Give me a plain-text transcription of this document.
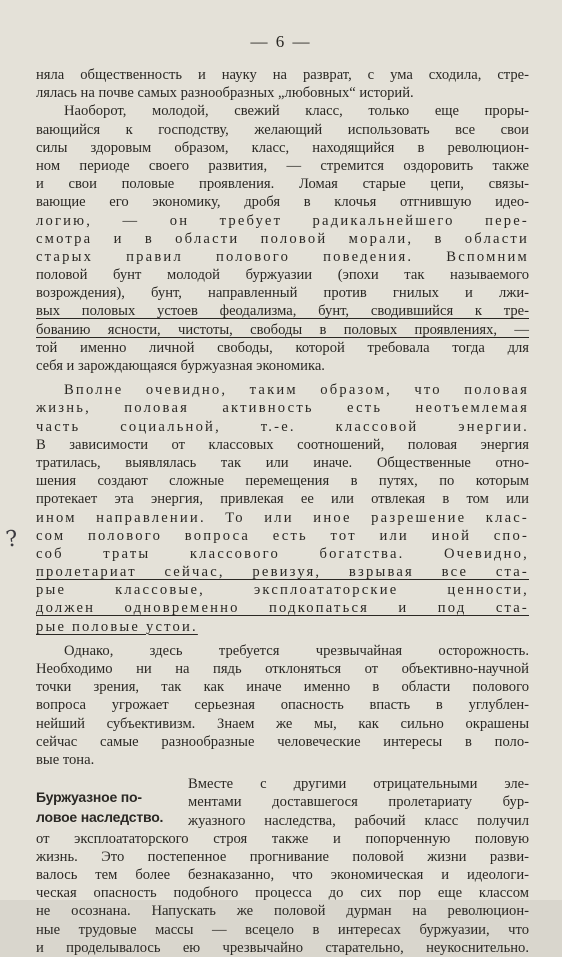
— 6 —
?
няла общественность и науку на разврат, с ума сходила, стре-
лялась на почве самых разнообразных „любовных“ историй.
Наоборот, молодой, свежий класс, только еще проры-
вающийся к господству, желающий использовать все свои
силы здоровым образом, класс, находящийся в революцион-
ном периоде своего развития, — стремится оздоровить также
и свои половые проявления. Ломая старые цепи, связы-
вающие его экономику, дробя в клочья отгнившую идео-
логию, — он требует радикальнейшего пере-
смотра и в области половой морали, в области
старых правил полового поведения. Вспомним
половой бунт молодой буржуазии (эпохи так называемого
возрождения), бунт, направленный против гнилых и лжи-
вых половых устоев феодализма, бунт, сводившийся к тре-
бованию ясности, чистоты, свободы в половых проявлениях, —
той именно личной свободы, которой требовала тогда для
себя и зарождающаяся буржуазная экономика.
Вполне очевидно, таким образом, что половая
жизнь, половая активность есть неотъемлемая
часть социальной, т.-е. классовой энергии.
В зависимости от классовых соотношений, половая энергия
тратилась, выявлялась так или иначе. Общественные отно-
шения создают сложные перемещения в путях, по которым
протекает эта энергия, привлекая ее или отвлекая в том или
ином направлении. То или иное разрешение клас-
сом полового вопроса есть тот или иной спо-
соб траты классового богатства. Очевидно,
пролетариат сейчас, ревизуя, взрывая все ста-
рые классовые, эксплоататорские ценности,
должен одновременно подкопаться и под ста-
рые половые устои.
Однако, здесь требуется чрезвычайная осторожность.
Необходимо ни на пядь отклоняться от объективно-научной
точки зрения, так как иначе именно в области полового
вопроса угрожает серьезная опасность впасть в углублен-
нейший субъективизм. Знаем же мы, как сильно окрашены
сейчас самые разнообразные человеческие интересы в поло-
вые тона.
Буржуазное по-
ловое наследство.
Вместе с другими отрицательными эле-
ментами доставшегося пролетариату бур-
жуазного наследства, рабочий класс получил
от эксплоататорского строя также и попорченную половую
жизнь. Это постепенное прогнивание половой жизни разви-
валось тем более безнаказанно, что экономическая и идеологи-
ческая опасность подобного процесса до сих пор еще классом
не осознана. Напускать же половой дурман на революцион-
ные трудовые массы — всецело в интересах буржуазии, что
и проделывалось ею чрезвычайно старательно, неукоснительно.
